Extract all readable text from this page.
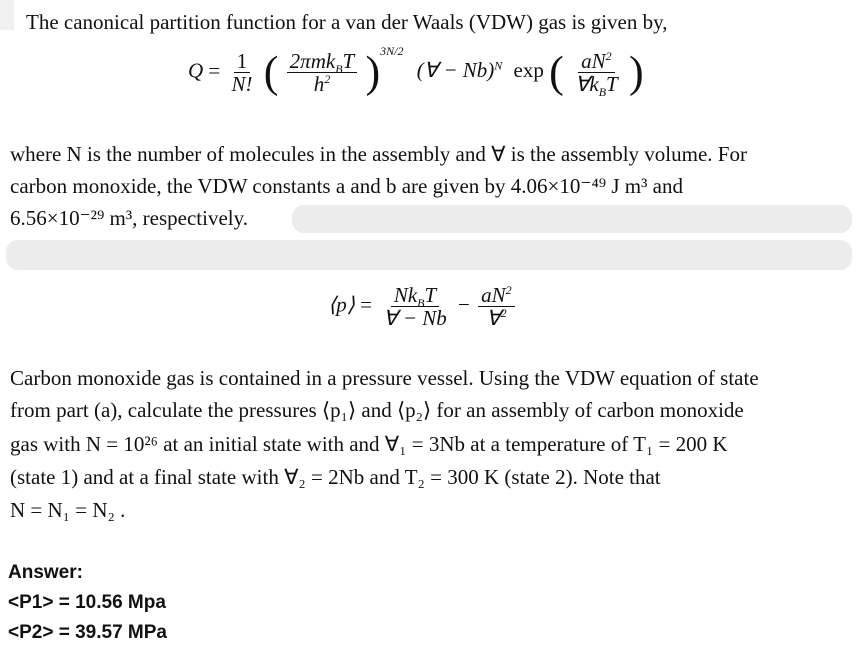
The canonical partition function for a van der Waals (VDW) gas is given by,
$Q = \frac{1}{N!}$ ( $\frac{2\pi mk_BT}{h^2} )^{3N/2}$ (∀ − Nb)$^N$ exp ( $\frac{aN^2}{\forall k_BT}$ )
where N is the number of molecules in the assembly and ∀ is the assembly volume. For
carbon monoxide, the VDW constants a and b are given by 4.06×10⁻⁴⁹ J m³ and
6.56×10⁻²⁹ m³, respectively.
⟨p⟩ = $\frac{Nk_BT}{\forall - Nb} - \frac{aN^2}{\forall^2}$
Carbon monoxide gas is contained in a pressure vessel. Using the VDW equation of state
from part (a), calculate the pressures ⟨p₁⟩ and ⟨p₂⟩ for an assembly of carbon monoxide
gas with N = 10²⁶ at an initial state with and ∀₁ = 3Nb at a temperature of T₁ = 200 K
(state 1) and at a final state with ∀₂ = 2Nb and T₂ = 300 K (state 2). Note that
N = N₁ = N₂ .
Answer:
<P1> = 10.56 Mpa
<P2> = 39.57 MPa
